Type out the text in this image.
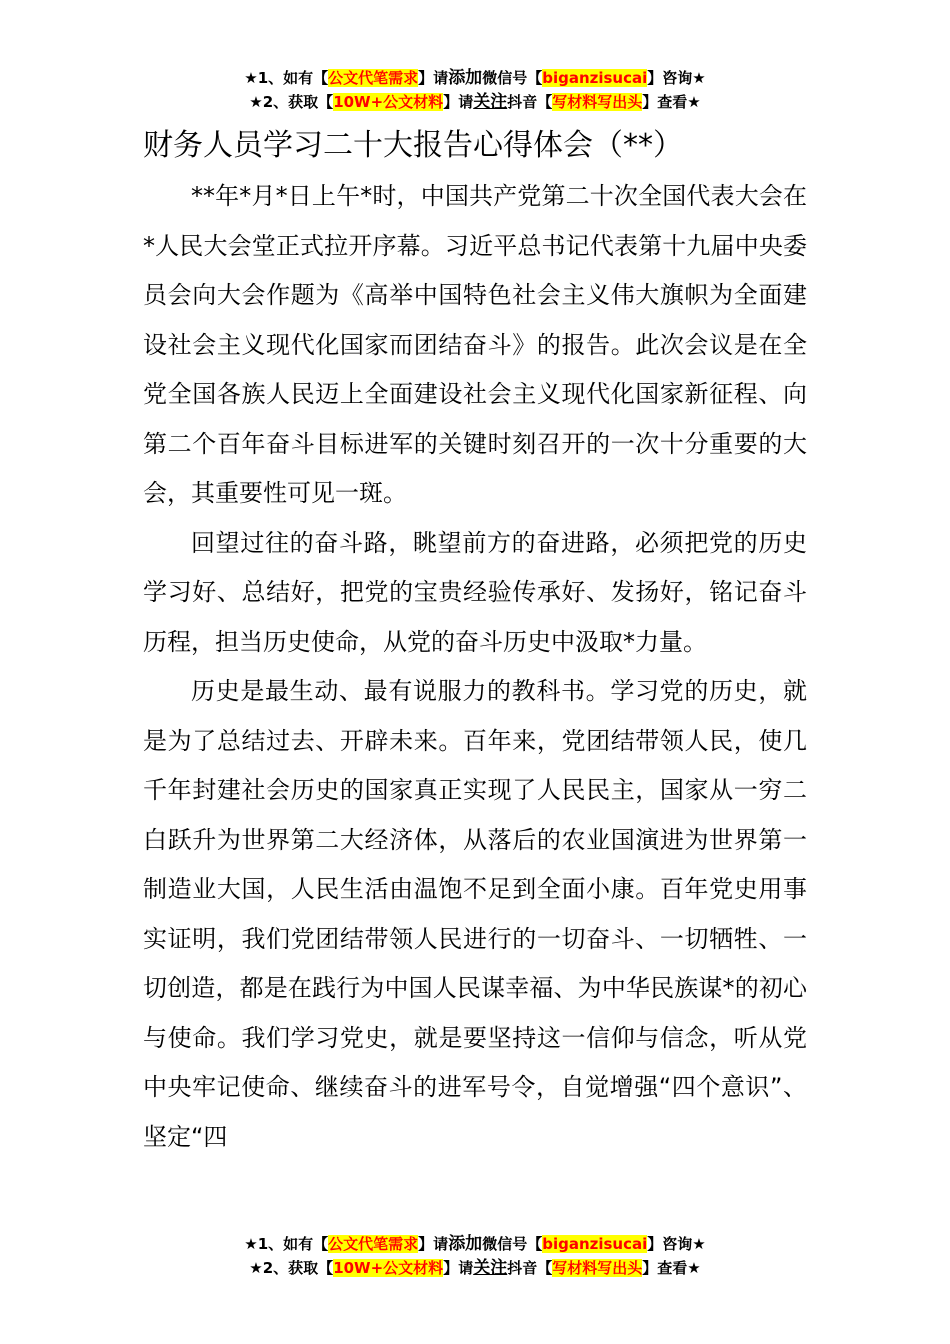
★1、如有【公文代笔需求】请添加微信号【biganzisucai】咨询★
★2、获取【10W+公文材料】请关注抖音【写材料写出头】查看★
财务人员学习二十大报告心得体会（**）

**年*月*日上午*时，中国共产党第二十次全国代表大会在*人民大会堂正式拉开序幕。习近平总书记代表第十九届中央委员会向大会作题为《高举中国特色社会主义伟大旗帜为全面建设社会主义现代化国家而团结奋斗》的报告。此次会议是在全党全国各族人民迈上全面建设社会主义现代化国家新征程、向第二个百年奋斗目标进军的关键时刻召开的一次十分重要的大会，其重要性可见一斑。

回望过往的奋斗路，眺望前方的奋进路，必须把党的历史学习好、总结好，把党的宝贵经验传承好、发扬好，铭记奋斗历程，担当历史使命，从党的奋斗历史中汲取*力量。

历史是最生动、最有说服力的教科书。学习党的历史，就是为了总结过去、开辟未来。百年来，党团结带领人民，使几千年封建社会历史的国家真正实现了人民民主，国家从一穷二白跃升为世界第二大经济体，从落后的农业国演进为世界第一制造业大国，人民生活由温饱不足到全面小康。百年党史用事实证明，我们党团结带领人民进行的一切奋斗、一切牺牲、一切创造，都是在践行为中国人民谋幸福、为中华民族谋*的初心与使命。我们学习党史，就是要坚持这一信仰与信念，听从党中央牢记使命、继续奋斗的进军号令，自觉增强“四个意识”、坚定“四

★1、如有【公文代笔需求】请添加微信号【biganzisucai】咨询★
★2、获取【10W+公文材料】请关注抖音【写材料写出头】查看★
